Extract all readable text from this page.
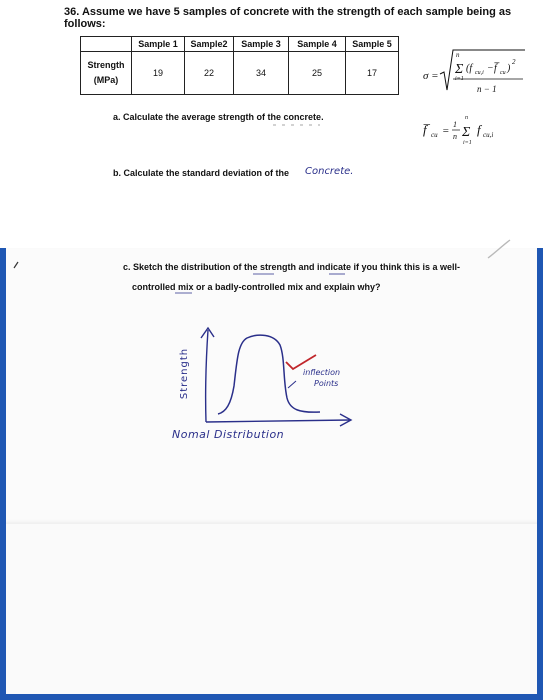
36. Assume we have 5 samples of concrete with the strength of each sample being as follows:
	Sample 1	Sample2	Sample 3	Sample 4	Sample 5

Strength
(MPa)	19	22	34	25	17	σ =
n
Σ
i=1
(f cu,i − f̅ cu )
2
n − 1
f̅ cu =
1
n
n
Σ
i=1
f cu,i
a. Calculate the average strength of the concrete.
b. Calculate the standard deviation of the Concrete.
c. Sketch the distribution of the strength and indicate if you think this is a well-
controlled mix or a badly-controlled mix and explain why?
Strength	inflection
Points
Nomal Distribution
